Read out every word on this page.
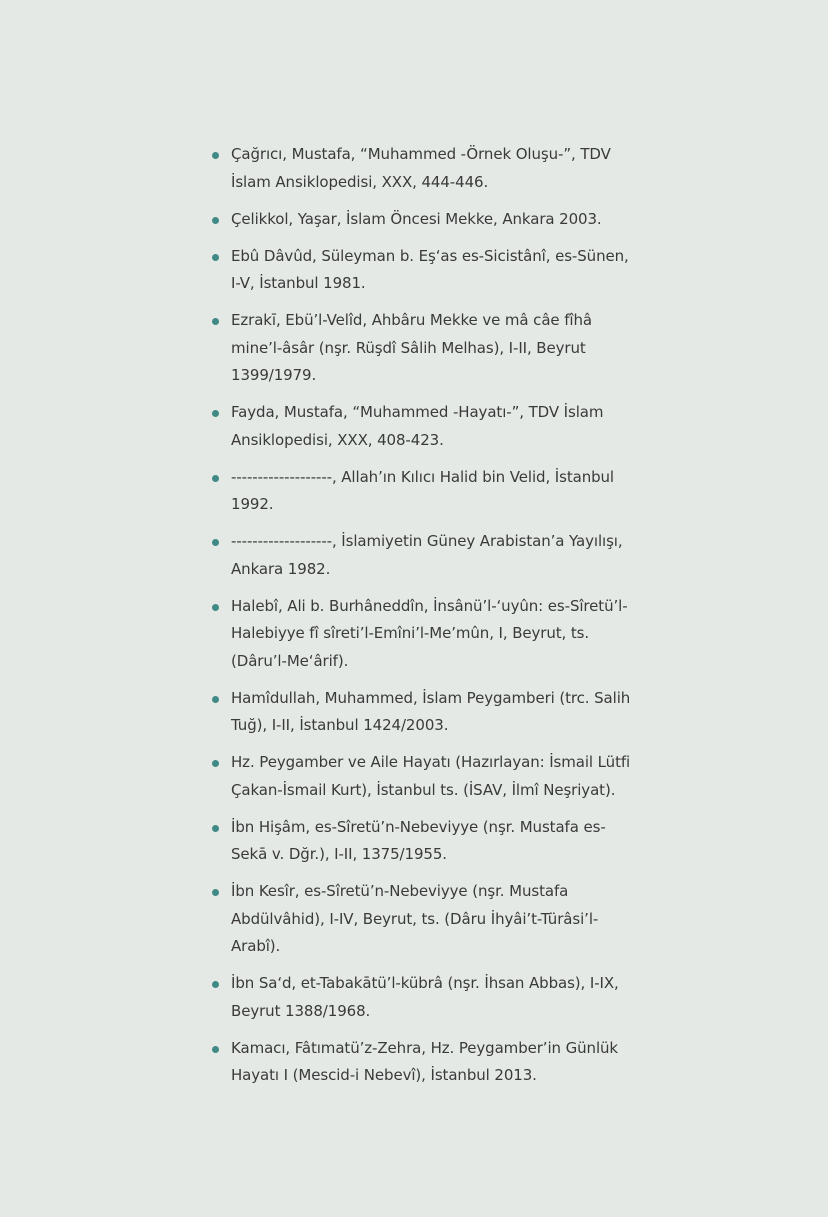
Çağrıcı, Mustafa, “Muhammed -Örnek Oluşu-”, TDV İslam Ansiklopedisi, XXX, 444-446.
Çelikkol, Yaşar, İslam Öncesi Mekke, Ankara 2003.
Ebû Dâvûd, Süleyman b. Eş‘as es-Sicistânî, es-Sünen, I-V, İstanbul 1981.
Ezrakī, Ebü’l-Velîd, Ahbâru Mekke ve mâ câe fîhâ mine’l-âsâr (nşr. Rüşdî Sâlih Melhas), I-II, Beyrut 1399/1979.
Fayda, Mustafa, “Muhammed -Hayatı-”, TDV İslam Ansiklopedisi, XXX, 408-423.
-------------------, Allah’ın Kılıcı Halid bin Velid, İstanbul 1992.
-------------------, İslamiyetin Güney Arabistan’a Yayılışı, Ankara 1982.
Halebî, Ali b. Burhâneddîn, İnsânü’l-‘uyûn: es-Sîretü’l-Halebiyye fî sîreti’l-Emîni’l-Me’mûn, I, Beyrut, ts. (Dâru’l-Me‘ârif).
Hamîdullah, Muhammed, İslam Peygamberi (trc. Salih Tuğ), I-II, İstanbul 1424/2003.
Hz. Peygamber ve Aile Hayatı (Hazırlayan: İsmail Lütfi Çakan-İsmail Kurt), İstanbul ts. (İSAV, İlmî Neşriyat).
İbn Hişâm, es-Sîretü’n-Nebeviyye (nşr. Mustafa es-Sekā v. Dğr.), I-II, 1375/1955.
İbn Kesîr, es-Sîretü’n-Nebeviyye (nşr. Mustafa Abdülvâhid), I-IV, Beyrut, ts. (Dâru İhyâi’t-Türâsi’l-Arabî).
İbn Sa‘d, et-Tabakātü’l-kübrâ (nşr. İhsan Abbas), I-IX, Beyrut 1388/1968.
Kamacı, Fâtımatü’z-Zehra, Hz. Peygamber’in Günlük Hayatı I (Mescid-i Nebevî), İstanbul 2013.
